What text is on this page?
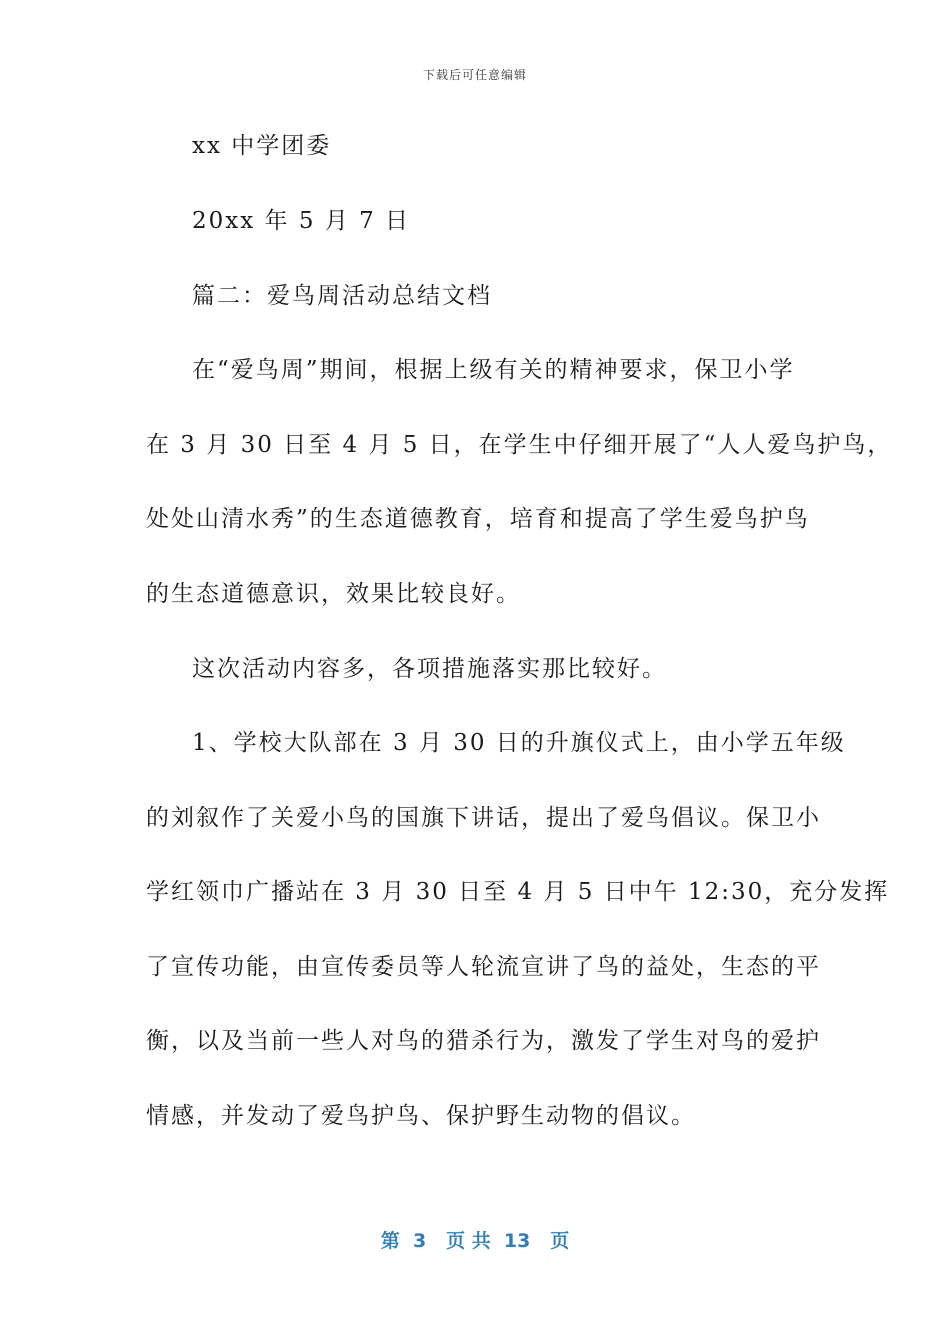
下载后可任意编辑
xx 中学团委
20xx 年 5 月 7 日
篇二：爱鸟周活动总结文档
在“爱鸟周”期间，根据上级有关的精神要求，保卫小学
在 3 月 30 日至 4 月 5 日，在学生中仔细开展了“人人爱鸟护鸟，
处处山清水秀”的生态道德教育，培育和提高了学生爱鸟护鸟
的生态道德意识，效果比较良好。
这次活动内容多，各项措施落实那比较好。
1、学校大队部在 3 月 30 日的升旗仪式上，由小学五年级
的刘叙作了关爱小鸟的国旗下讲话，提出了爱鸟倡议。保卫小
学红领巾广播站在 3 月 30 日至 4 月 5 日中午 12:30，充分发挥
了宣传功能，由宣传委员等人轮流宣讲了鸟的益处，生态的平
衡，以及当前一些人对鸟的猎杀行为，激发了学生对鸟的爱护
情感，并发动了爱鸟护鸟、保护野生动物的倡议。
第  3   页 共  13   页
